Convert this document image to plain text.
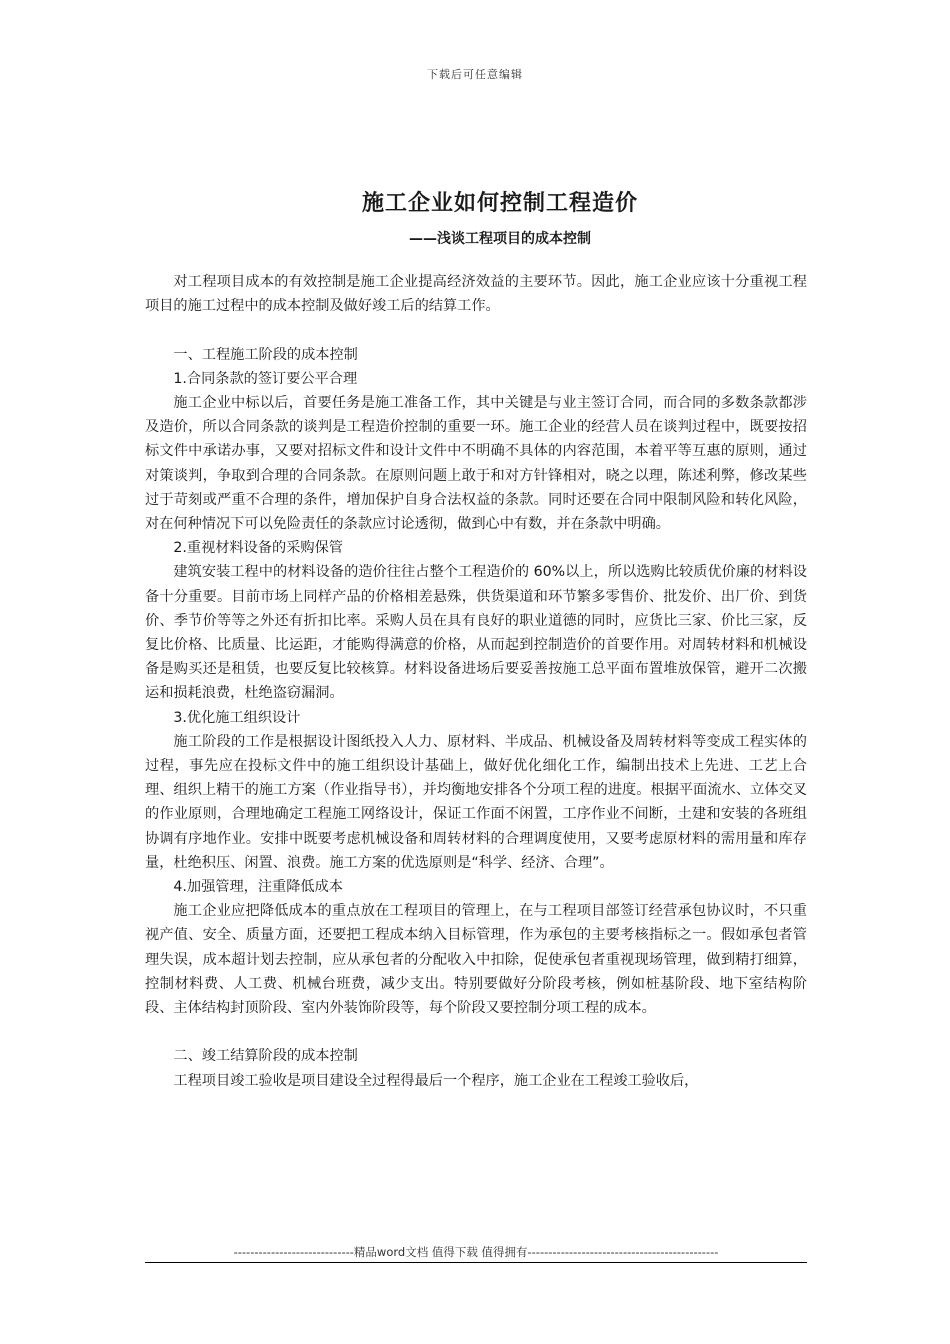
下载后可任意编辑
施工企业如何控制工程造价
——浅谈工程项目的成本控制

对工程项目成本的有效控制是施工企业提高经济效益的主要环节。因此，施工企业应该十分重视工程项目的施工过程中的成本控制及做好竣工后的结算工作。

一、工程施工阶段的成本控制

1.合同条款的签订要公平合理

施工企业中标以后，首要任务是施工准备工作，其中关键是与业主签订合同，而合同的多数条款都涉及造价，所以合同条款的谈判是工程造价控制的重要一环。施工企业的经营人员在谈判过程中，既要按招标文件中承诺办事，又要对招标文件和设计文件中不明确不具体的内容范围，本着平等互惠的原则，通过对策谈判，争取到合理的合同条款。在原则问题上敢于和对方针锋相对，晓之以理，陈述利弊，修改某些过于苛刻或严重不合理的条件，增加保护自身合法权益的条款。同时还要在合同中限制风险和转化风险，对在何种情况下可以免险责任的条款应讨论透彻，做到心中有数，并在条款中明确。

2.重视材料设备的采购保管

建筑安装工程中的材料设备的造价往往占整个工程造价的 60%以上，所以选购比较质优价廉的材料设备十分重要。目前市场上同样产品的价格相差悬殊，供货渠道和环节繁多零售价、批发价、出厂价、到货价、季节价等等之外还有折扣比率。采购人员在具有良好的职业道德的同时，应货比三家、价比三家，反复比价格、比质量、比运距，才能购得满意的价格，从而起到控制造价的首要作用。对周转材料和机械设备是购买还是租赁，也要反复比较核算。材料设备进场后要妥善按施工总平面布置堆放保管，避开二次搬运和损耗浪费，杜绝盗窃漏洞。

3.优化施工组织设计

施工阶段的工作是根据设计图纸投入人力、原材料、半成品、机械设备及周转材料等变成工程实体的过程，事先应在投标文件中的施工组织设计基础上，做好优化细化工作，编制出技术上先进、工艺上合理、组织上精干的施工方案（作业指导书），并均衡地安排各个分项工程的进度。根据平面流水、立体交叉的作业原则，合理地确定工程施工网络设计，保证工作面不闲置，工序作业不间断，土建和安装的各班组协调有序地作业。安排中既要考虑机械设备和周转材料的合理调度使用，又要考虑原材料的需用量和库存量，杜绝积压、闲置、浪费。施工方案的优选原则是“科学、经济、合理”。

4.加强管理，注重降低成本

施工企业应把降低成本的重点放在工程项目的管理上，在与工程项目部签订经营承包协议时，不只重视产值、安全、质量方面，还要把工程成本纳入目标管理，作为承包的主要考核指标之一。假如承包者管理失误，成本超计划去控制，应从承包者的分配收入中扣除，促使承包者重视现场管理，做到精打细算，控制材料费、人工费、机械台班费，减少支出。特别要做好分阶段考核，例如桩基阶段、地下室结构阶段、主体结构封顶阶段、室内外装饰阶段等，每个阶段又要控制分项工程的成本。

二、竣工结算阶段的成本控制

工程项目竣工验收是项目建设全过程得最后一个程序，施工企业在工程竣工验收后，

-----------------------------精品word文档 值得下载 值得拥有----------------------------------------------
